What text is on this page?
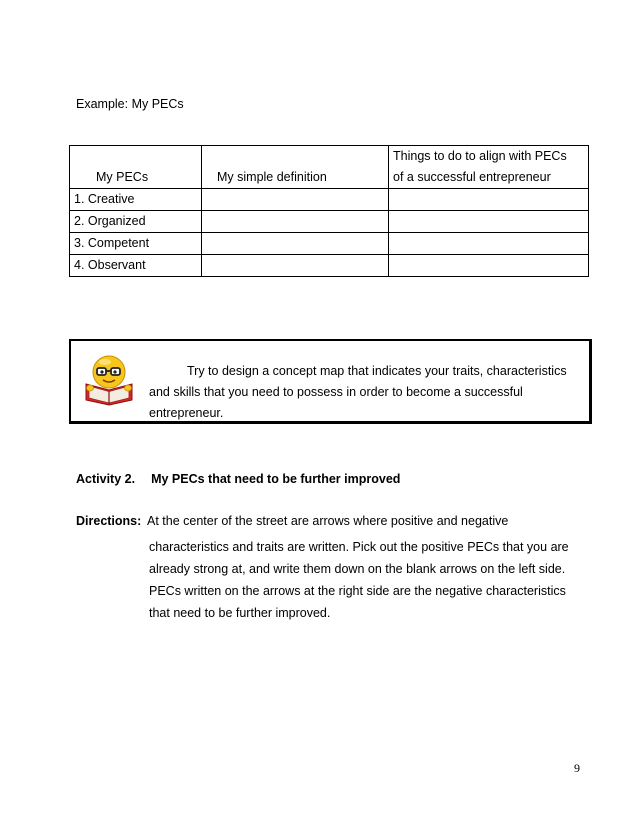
Example: My PECs
My PECs	My simple definition	Things to do to align with PECs
of a successful entrepreneur

1. Creative		
2. Organized		
3. Competent		
4. Observant		
Try to design a concept map that indicates your traits, characteristics and skills that you need to possess in order to become a successful entrepreneur.
Activity 2. My PECs that need to be further improved
Directions: At the center of the street are arrows where positive and negative
characteristics and traits are written. Pick out the positive PECs that you are already strong at, and write them down on the blank arrows on the left side. PECs written on the arrows at the right side are the negative characteristics that need to be further improved.
9
